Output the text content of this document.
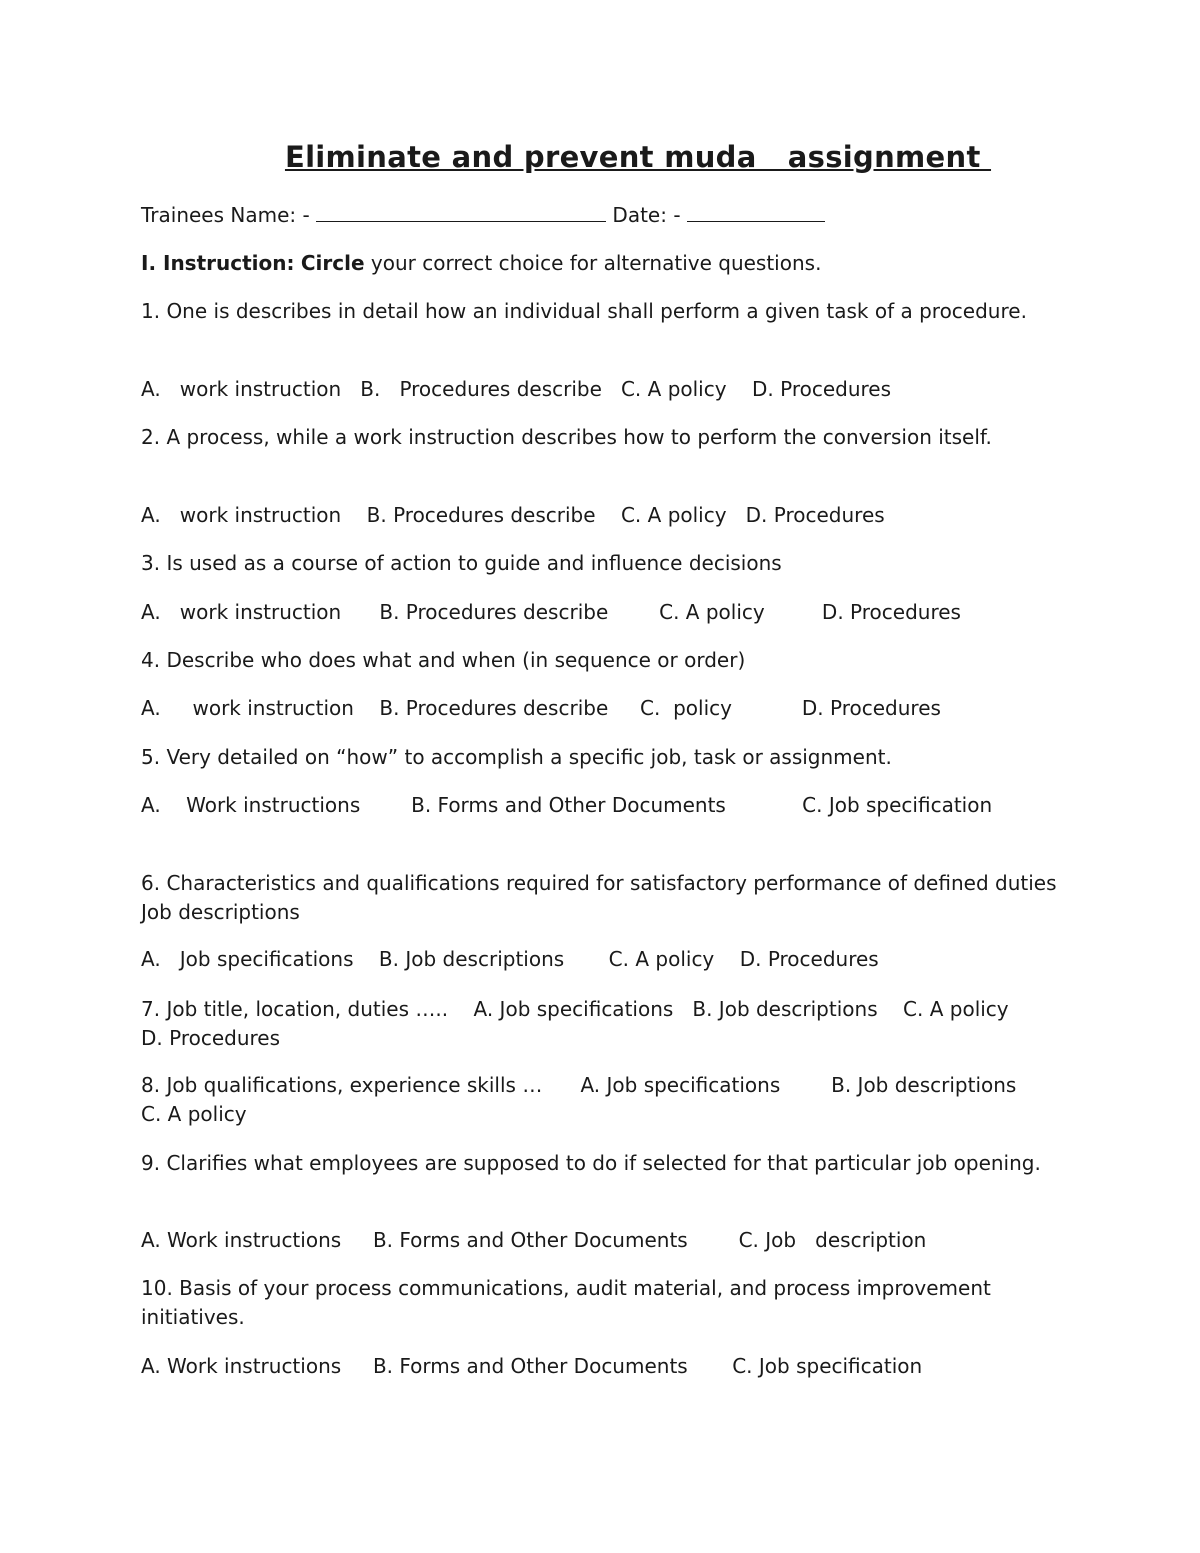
Eliminate and prevent muda   assignment
Trainees Name: -	Date: -
I. Instruction: Circle your correct choice for alternative questions.
1. One is describes in detail how an individual shall perform a given task of a procedure.
A.   work instruction   B.   Procedures describe   C. A policy    D. Procedures
2. A process, while a work instruction describes how to perform the conversion itself.
A.   work instruction    B. Procedures describe    C. A policy   D. Procedures
3. Is used as a course of action to guide and influence decisions
A.   work instruction      B. Procedures describe        C. A policy         D. Procedures
4. Describe who does what and when (in sequence or order)
A.     work instruction    B. Procedures describe     C.  policy           D. Procedures
5. Very detailed on “how” to accomplish a specific job, task or assignment.
A.    Work instructions        B. Forms and Other Documents            C. Job specification
6. Characteristics and qualifications required for satisfactory performance of defined duties Job descriptions
A.   Job specifications    B. Job descriptions       C. A policy    D. Procedures
7. Job title, location, duties …..    A. Job specifications   B. Job descriptions    C. A policy       D. Procedures
8. Job qualifications, experience skills …      A. Job specifications        B. Job descriptions       C. A policy
9. Clarifies what employees are supposed to do if selected for that particular job opening.
A. Work instructions     B. Forms and Other Documents        C. Job   description
10. Basis of your process communications, audit material, and process improvement initiatives.
A. Work instructions     B. Forms and Other Documents       C. Job specification
